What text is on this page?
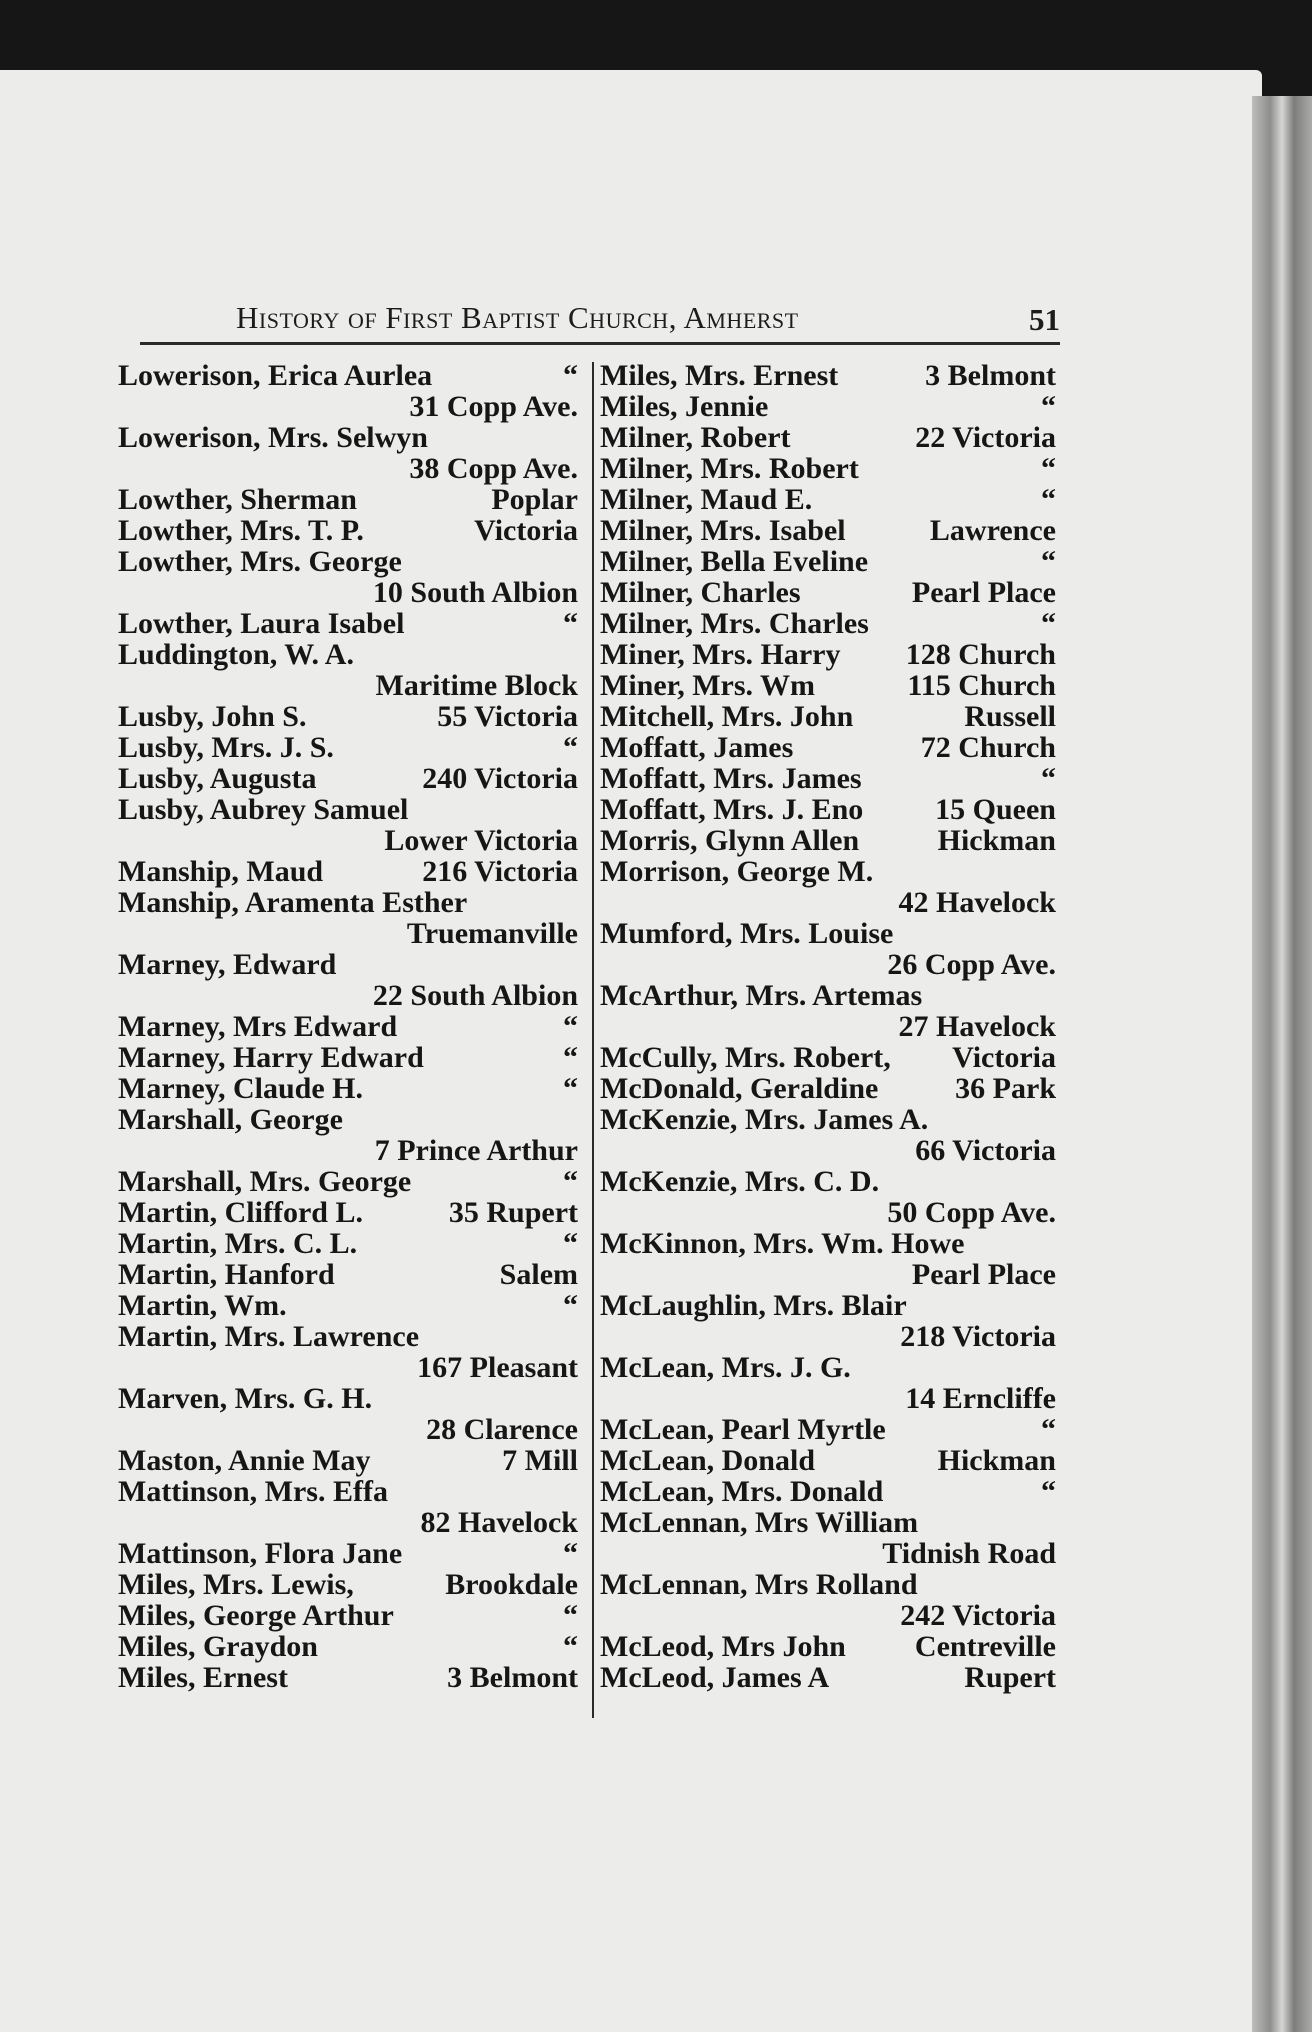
History of First Baptist Church, Amherst	51
Lowerison, Erica Aurlea	“
31 Copp Ave.
Lowerison, Mrs. Selwyn
38 Copp Ave.
Lowther, Sherman	Poplar
Lowther, Mrs. T. P.	Victoria
Lowther, Mrs. George
10 South Albion
Lowther, Laura Isabel	“
Luddington, W. A.
Maritime Block
Lusby, John S.	55 Victoria
Lusby, Mrs. J. S.	“
Lusby, Augusta	240 Victoria
Lusby, Aubrey Samuel
Lower Victoria
Manship, Maud	216 Victoria
Manship, Aramenta Esther
Truemanville
Marney, Edward
22 South Albion
Marney, Mrs Edward	“
Marney, Harry Edward	“
Marney, Claude H.	“
Marshall, George
7 Prince Arthur
Marshall, Mrs. George	“
Martin, Clifford L.	35 Rupert
Martin, Mrs. C. L.	“
Martin, Hanford	Salem
Martin, Wm.	“
Martin, Mrs. Lawrence
167 Pleasant
Marven, Mrs. G. H.
28 Clarence
Maston, Annie May	7 Mill
Mattinson, Mrs. Effa
82 Havelock
Mattinson, Flora Jane	“
Miles, Mrs. Lewis,	Brookdale
Miles, George Arthur	“
Miles, Graydon	“
Miles, Ernest	3 Belmont
Miles, Mrs. Ernest	3 Belmont
Miles, Jennie	“
Milner, Robert	22 Victoria
Milner, Mrs. Robert	“
Milner, Maud E.	“
Milner, Mrs. Isabel	Lawrence
Milner, Bella Eveline	“
Milner, Charles	Pearl Place
Milner, Mrs. Charles	“
Miner, Mrs. Harry 128 Church
Miner, Mrs. Wm	115 Church
Mitchell, Mrs. John	Russell
Moffatt, James	72 Church
Moffatt, Mrs. James	“
Moffatt, Mrs. J. Eno 15 Queen
Morris, Glynn Allen	Hickman
Morrison, George M.
42 Havelock
Mumford, Mrs. Louise
26 Copp Ave.
McArthur, Mrs. Artemas
27 Havelock
McCully, Mrs. Robert, Victoria
McDonald, Geraldine	36 Park
McKenzie, Mrs. James A.
66 Victoria
McKenzie, Mrs. C. D.
50 Copp Ave.
McKinnon, Mrs. Wm. Howe
Pearl Place
McLaughlin, Mrs. Blair
218 Victoria
McLean, Mrs. J. G.
14 Erncliffe
McLean, Pearl Myrtle	“
McLean, Donald	Hickman
McLean, Mrs. Donald	“
McLennan, Mrs William
Tidnish Road
McLennan, Mrs Rolland
242 Victoria
McLeod, Mrs John Centreville
McLeod, James A	Rupert
